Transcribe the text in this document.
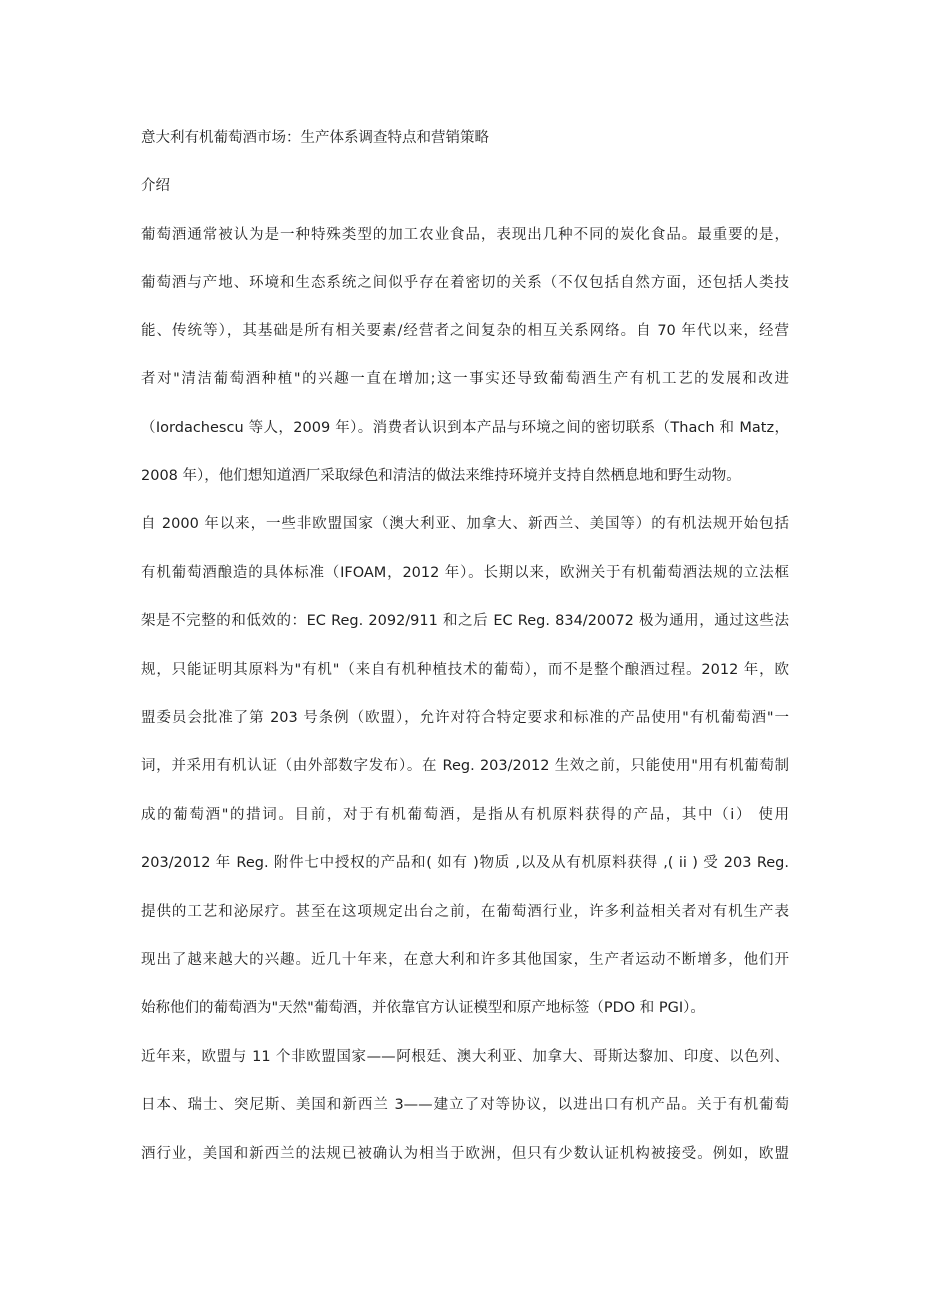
意大利有机葡萄酒市场：生产体系调查特点和营销策略
介绍
葡萄酒通常被认为是一种特殊类型的加工农业食品，表现出几种不同的炭化食品。最重要的是，
葡萄酒与产地、环境和生态系统之间似乎存在着密切的关系（不仅包括自然方面，还包括人类技
能、传统等），其基础是所有相关要素/经营者之间复杂的相互关系网络。自 70 年代以来，经营
者对"清洁葡萄酒种植"的兴趣一直在增加;这一事实还导致葡萄酒生产有机工艺的发展和改进
（Iordachescu 等人，2009 年）。消费者认识到本产品与环境之间的密切联系（Thach 和 Matz，
2008 年），他们想知道酒厂采取绿色和清洁的做法来维持环境并支持自然栖息地和野生动物。
自 2000 年以来，一些非欧盟国家（澳大利亚、加拿大、新西兰、美国等）的有机法规开始包括
有机葡萄酒酿造的具体标准（IFOAM，2012 年）。长期以来，欧洲关于有机葡萄酒法规的立法框
架是不完整的和低效的：EC Reg. 2092/911 和之后 EC Reg. 834/20072 极为通用，通过这些法
规，只能证明其原料为"有机"（来自有机种植技术的葡萄），而不是整个酿酒过程。2012 年，欧
盟委员会批准了第 203 号条例（欧盟），允许对符合特定要求和标准的产品使用"有机葡萄酒"一
词，并采用有机认证（由外部数字发布）。在 Reg. 203/2012 生效之前，只能使用"用有机葡萄制
成的葡萄酒"的措词。目前，对于有机葡萄酒，是指从有机原料获得的产品，其中（i） 使用
203/2012 年 Reg. 附件七中授权的产品和( 如有 )物质 ,以及从有机原料获得 ,( ii ) 受 203 Reg.
提供的工艺和泌尿疗。甚至在这项规定出台之前，在葡萄酒行业，许多利益相关者对有机生产表
现出了越来越大的兴趣。近几十年来，在意大利和许多其他国家，生产者运动不断增多，他们开
始称他们的葡萄酒为"天然"葡萄酒，并依靠官方认证模型和原产地标签（PDO 和 PGI）。
近年来，欧盟与 11 个非欧盟国家——阿根廷、澳大利亚、加拿大、哥斯达黎加、印度、以色列、
日本、瑞士、突尼斯、美国和新西兰 3——建立了对等协议，以进出口有机产品。关于有机葡萄
酒行业，美国和新西兰的法规已被确认为相当于欧洲，但只有少数认证机构被接受。例如，欧盟
